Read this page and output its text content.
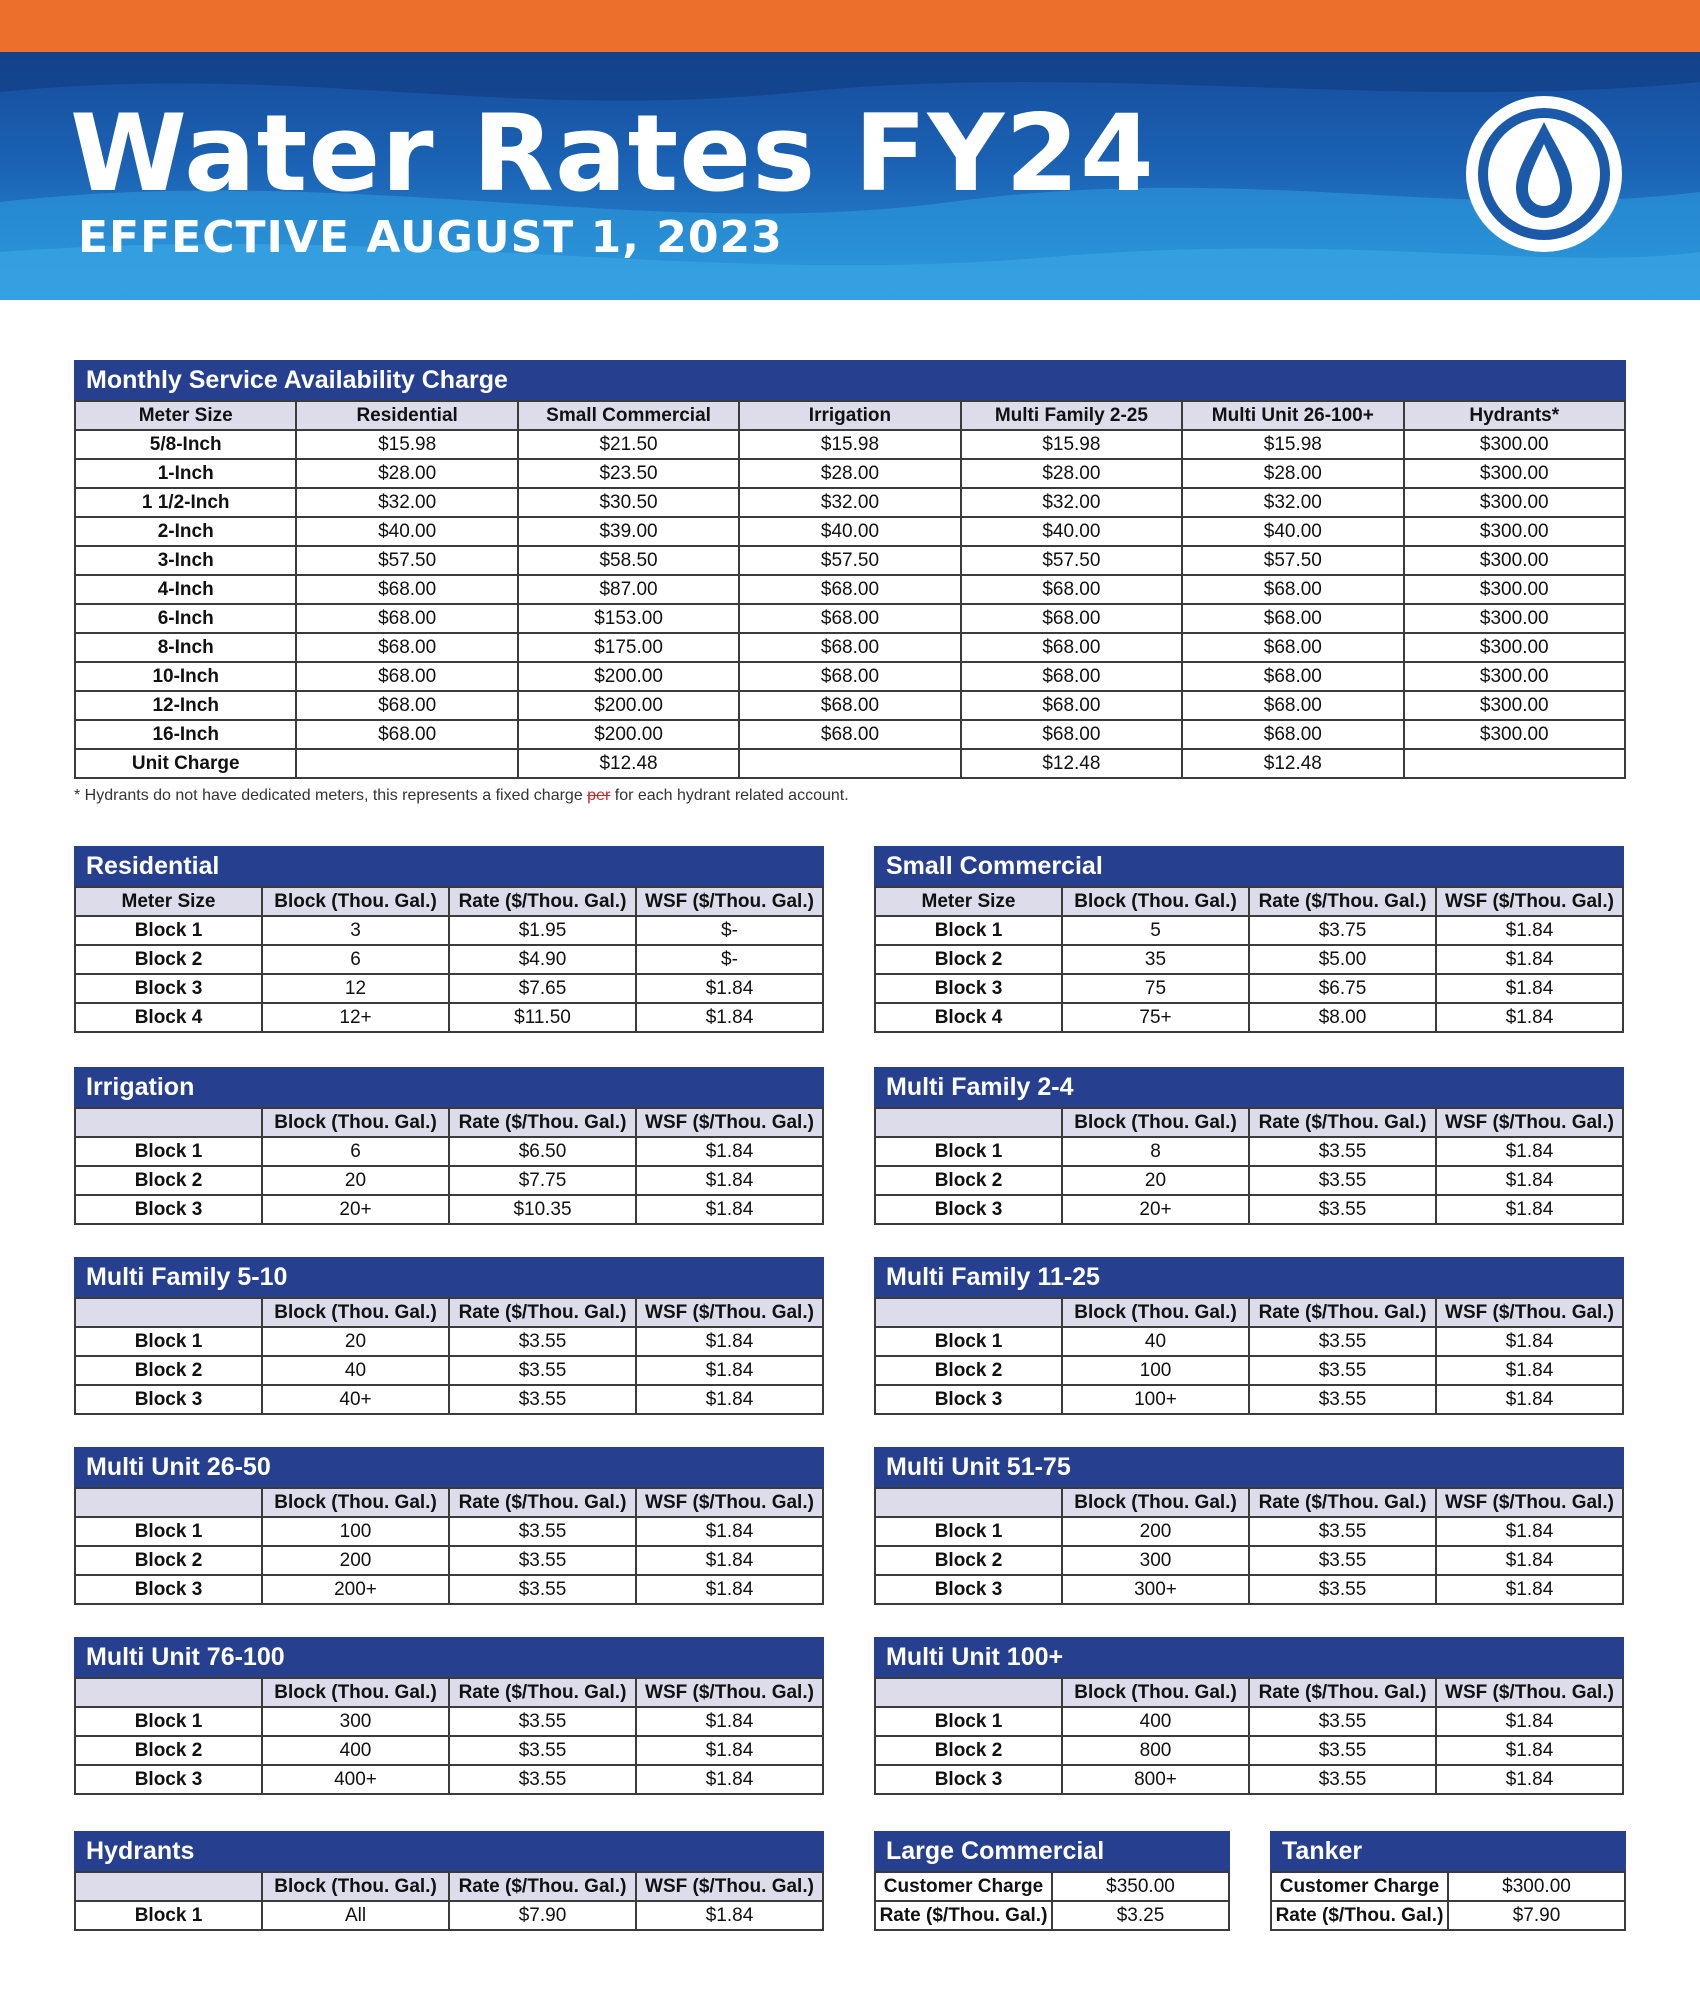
Water Rates FY24
EFFECTIVE AUGUST 1, 2023
Monthly Service Availability Charge
Meter Size	Residential	Small Commercial	Irrigation	Multi Family 2-25	Multi Unit 26-100+	Hydrants*
5/8-Inch	$15.98	$21.50	$15.98	$15.98	$15.98	$300.00
1-Inch	$28.00	$23.50	$28.00	$28.00	$28.00	$300.00
1 1/2-Inch	$32.00	$30.50	$32.00	$32.00	$32.00	$300.00
2-Inch	$40.00	$39.00	$40.00	$40.00	$40.00	$300.00
3-Inch	$57.50	$58.50	$57.50	$57.50	$57.50	$300.00
4-Inch	$68.00	$87.00	$68.00	$68.00	$68.00	$300.00
6-Inch	$68.00	$153.00	$68.00	$68.00	$68.00	$300.00
8-Inch	$68.00	$175.00	$68.00	$68.00	$68.00	$300.00
10-Inch	$68.00	$200.00	$68.00	$68.00	$68.00	$300.00
12-Inch	$68.00	$200.00	$68.00	$68.00	$68.00	$300.00
16-Inch	$68.00	$200.00	$68.00	$68.00	$68.00	$300.00
Unit Charge		$12.48		$12.48	$12.48	
* Hydrants do not have dedicated meters, this represents a fixed charge per for each hydrant related account.
Residential
Meter Size	Block (Thou. Gal.)	Rate ($/Thou. Gal.)	WSF ($/Thou. Gal.)
Block 1	3	$1.95	$-
Block 2	6	$4.90	$-
Block 3	12	$7.65	$1.84
Block 4	12+	$11.50	$1.84
Small Commercial
Meter Size	Block (Thou. Gal.)	Rate ($/Thou. Gal.)	WSF ($/Thou. Gal.)
Block 1	5	$3.75	$1.84
Block 2	35	$5.00	$1.84
Block 3	75	$6.75	$1.84
Block 4	75+	$8.00	$1.84
Irrigation
	Block (Thou. Gal.)	Rate ($/Thou. Gal.)	WSF ($/Thou. Gal.)
Block 1	6	$6.50	$1.84
Block 2	20	$7.75	$1.84
Block 3	20+	$10.35	$1.84
Multi Family 2-4
	Block (Thou. Gal.)	Rate ($/Thou. Gal.)	WSF ($/Thou. Gal.)
Block 1	8	$3.55	$1.84
Block 2	20	$3.55	$1.84
Block 3	20+	$3.55	$1.84
Multi Family 5-10
	Block (Thou. Gal.)	Rate ($/Thou. Gal.)	WSF ($/Thou. Gal.)
Block 1	20	$3.55	$1.84
Block 2	40	$3.55	$1.84
Block 3	40+	$3.55	$1.84
Multi Family 11-25
	Block (Thou. Gal.)	Rate ($/Thou. Gal.)	WSF ($/Thou. Gal.)
Block 1	40	$3.55	$1.84
Block 2	100	$3.55	$1.84
Block 3	100+	$3.55	$1.84
Multi Unit 26-50
	Block (Thou. Gal.)	Rate ($/Thou. Gal.)	WSF ($/Thou. Gal.)
Block 1	100	$3.55	$1.84
Block 2	200	$3.55	$1.84
Block 3	200+	$3.55	$1.84
Multi Unit 51-75
	Block (Thou. Gal.)	Rate ($/Thou. Gal.)	WSF ($/Thou. Gal.)
Block 1	200	$3.55	$1.84
Block 2	300	$3.55	$1.84
Block 3	300+	$3.55	$1.84
Multi Unit 76-100
	Block (Thou. Gal.)	Rate ($/Thou. Gal.)	WSF ($/Thou. Gal.)
Block 1	300	$3.55	$1.84
Block 2	400	$3.55	$1.84
Block 3	400+	$3.55	$1.84
Multi Unit 100+
	Block (Thou. Gal.)	Rate ($/Thou. Gal.)	WSF ($/Thou. Gal.)
Block 1	400	$3.55	$1.84
Block 2	800	$3.55	$1.84
Block 3	800+	$3.55	$1.84
Hydrants
	Block (Thou. Gal.)	Rate ($/Thou. Gal.)	WSF ($/Thou. Gal.)
Block 1	All	$7.90	$1.84
Large Commercial
Customer Charge	$350.00
Rate ($/Thou. Gal.)	$3.25
Tanker
Customer Charge	$300.00
Rate ($/Thou. Gal.)	$7.90
